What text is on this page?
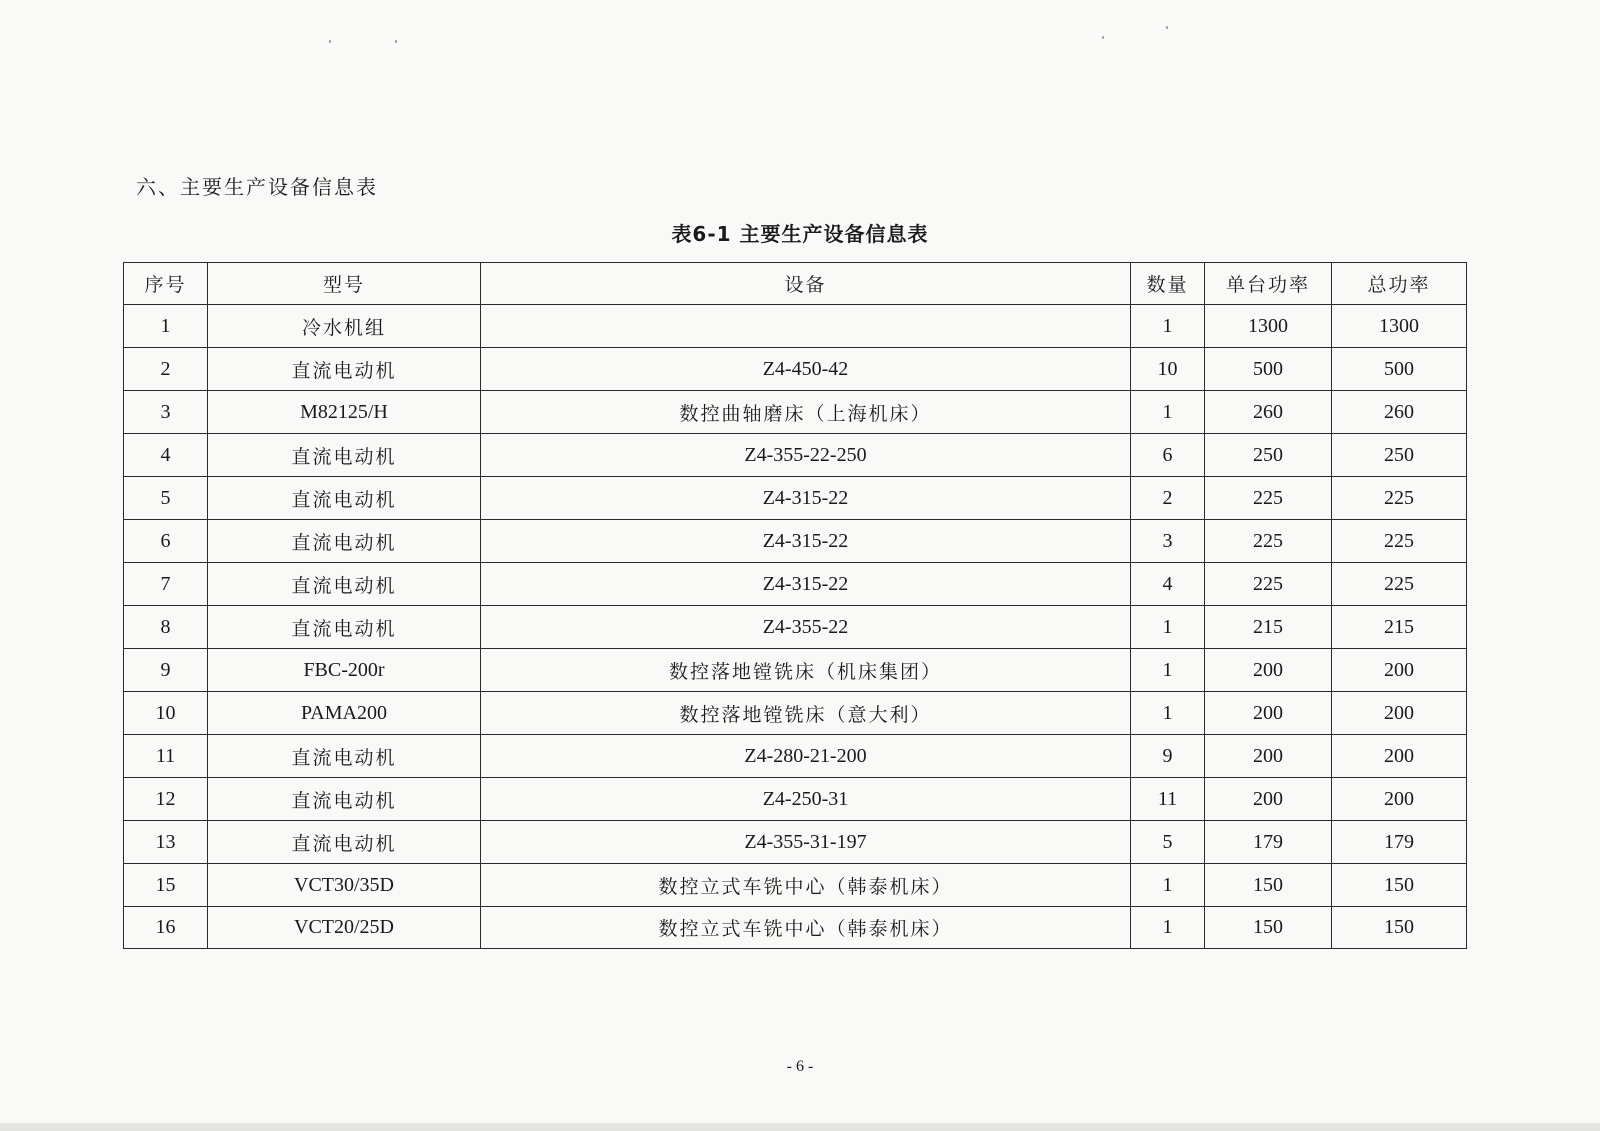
六、主要生产设备信息表
表6-1 主要生产设备信息表
序号	型号	设备	数量	单台功率	总功率
1	冷水机组		1	1300	1300
2	直流电动机	Z4-450-42	10	500	500
3	M82125/H	数控曲轴磨床（上海机床）	1	260	260
4	直流电动机	Z4-355-22-250	6	250	250
5	直流电动机	Z4-315-22	2	225	225
6	直流电动机	Z4-315-22	3	225	225
7	直流电动机	Z4-315-22	4	225	225
8	直流电动机	Z4-355-22	1	215	215
9	FBC-200r	数控落地镗铣床（机床集团）	1	200	200
10	PAMA200	数控落地镗铣床（意大利）	1	200	200
11	直流电动机	Z4-280-21-200	9	200	200
12	直流电动机	Z4-250-31	11	200	200
13	直流电动机	Z4-355-31-197	5	179	179
15	VCT30/35D	数控立式车铣中心（韩泰机床）	1	150	150
16	VCT20/25D	数控立式车铣中心（韩泰机床）	1	150	150
- 6 -
